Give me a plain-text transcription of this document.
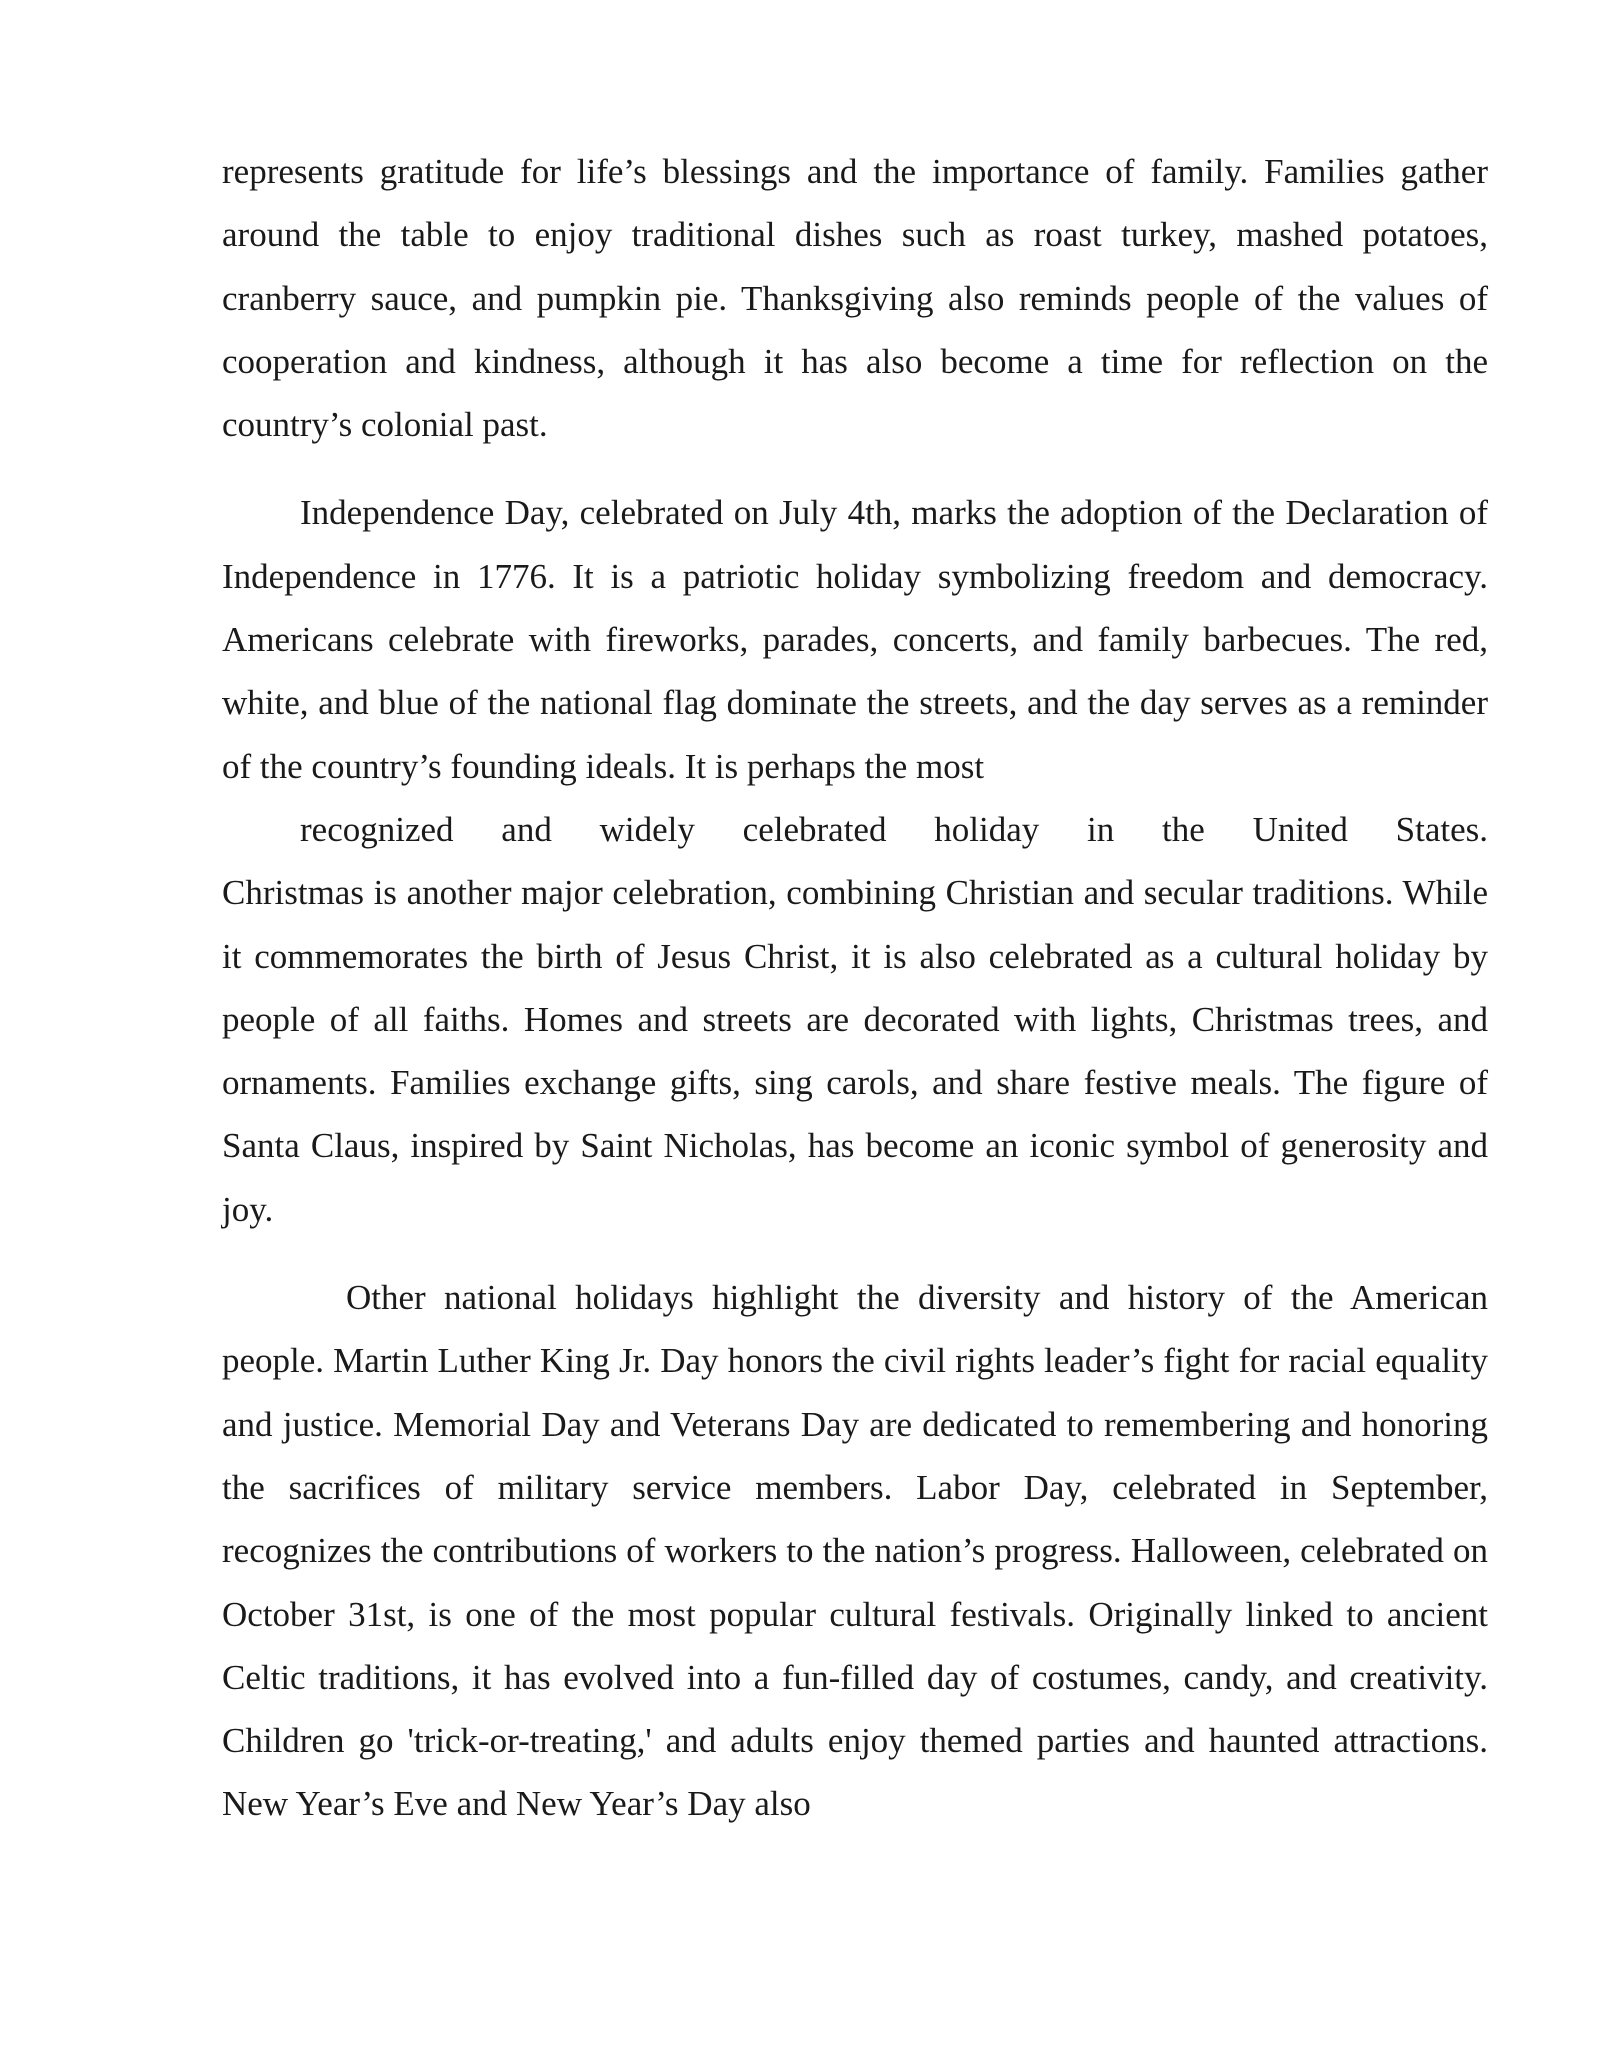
represents gratitude for life’s blessings and the importance of family. Families gather around the table to enjoy traditional dishes such as roast turkey, mashed potatoes, cranberry sauce, and pumpkin pie. Thanksgiving also reminds people of the values of cooperation and kindness, although it has also become a time for reflection on the country’s colonial past.

Independence Day, celebrated on July 4th, marks the adoption of the Declaration of Independence in 1776. It is a patriotic holiday symbolizing freedom and democracy. Americans celebrate with fireworks, parades, concerts, and family barbecues. The red, white, and blue of the national flag dominate the streets, and the day serves as a reminder of the country’s founding ideals. It is perhaps the most
recognized and widely celebrated holiday in the United States.
Christmas is another major celebration, combining Christian and secular traditions. While it commemorates the birth of Jesus Christ, it is also celebrated as a cultural holiday by people of all faiths. Homes and streets are decorated with lights, Christmas trees, and ornaments. Families exchange gifts, sing carols, and share festive meals. The figure of Santa Claus, inspired by Saint Nicholas, has become an iconic symbol of generosity and joy.

Other national holidays highlight the diversity and history of the American people. Martin Luther King Jr. Day honors the civil rights leader’s fight for racial equality and justice. Memorial Day and Veterans Day are dedicated to remembering and honoring the sacrifices of military service members. Labor Day, celebrated in September, recognizes the contributions of workers to the nation’s progress. Halloween, celebrated on October 31st, is one of the most popular cultural festivals. Originally linked to ancient Celtic traditions, it has evolved into a fun-filled day of costumes, candy, and creativity. Children go 'trick-or-treating,' and adults enjoy themed parties and haunted attractions. New Year’s Eve and New Year’s Day also
